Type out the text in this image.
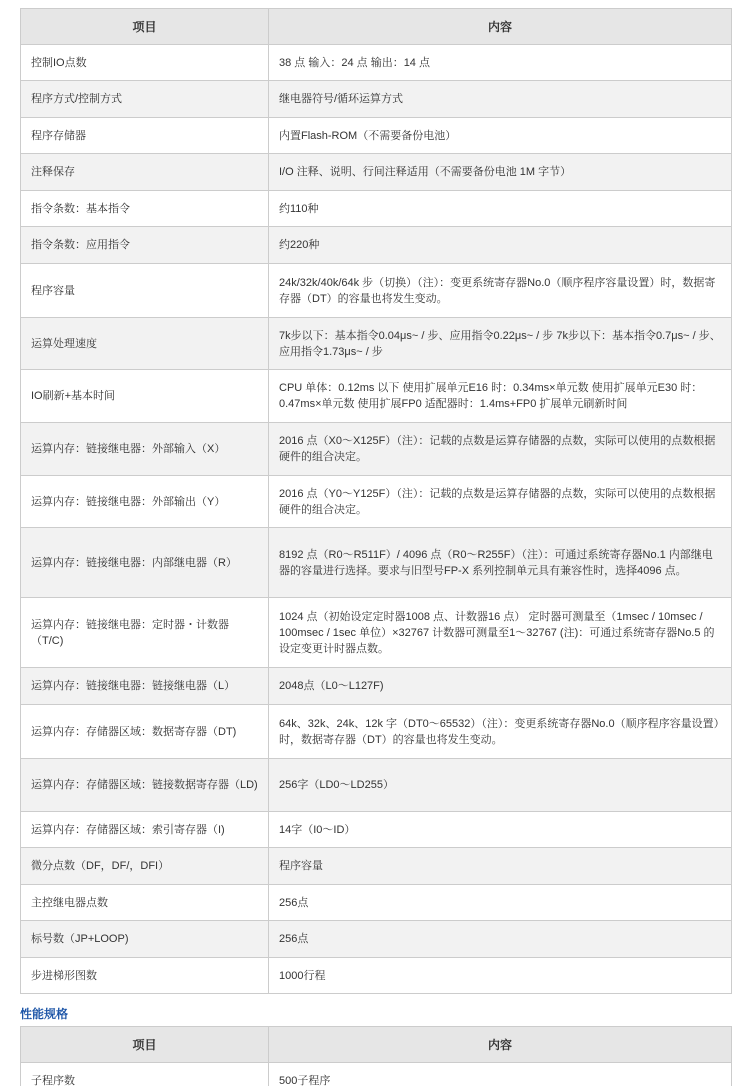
项目	内容
控制IO点数	38 点 输入：24 点 输出：14 点
程序方式/控制方式	继电器符号/循环运算方式
程序存储器	内置Flash-ROM（不需要备份电池）
注释保存	I/O 注释、说明、行间注释适用（不需要备份电池 1M 字节）
指令条数：基本指令	约110种
指令条数：应用指令	约220种
程序容量	24k/32k/40k/64k 步（切换）（注）：变更系统寄存器No.0（顺序程序容量设置）时，数据寄存器（DT）的容量也将发生变动。
运算处理速度	7k步以下：基本指令0.04μs~ / 步、应用指令0.22μs~ / 步 7k步以下：基本指令0.7μs~ / 步、应用指令1.73μs~ / 步
IO刷新+基本时间	CPU 单体：0.12ms 以下 使用扩展单元E16 时：0.34ms×单元数 使用扩展单元E30 时：0.47ms×单元数 使用扩展FP0 适配器时：1.4ms+FP0 扩展单元刷新时间
运算内存：链接继电器：外部输入（X）	2016 点（X0～X125F）（注）：记载的点数是运算存储器的点数，实际可以使用的点数根据硬件的组合决定。
运算内存：链接继电器：外部输出（Y）	2016 点（Y0～Y125F）（注）：记载的点数是运算存储器的点数，实际可以使用的点数根据硬件的组合决定。
运算内存：链接继电器：内部继电器（R）	8192 点（R0～R511F）/ 4096 点（R0～R255F）（注）：可通过系统寄存器No.1 内部继电器的容量进行选择。要求与旧型号FP-X 系列控制单元具有兼容性时，选择4096 点。
运算内存：链接继电器：定时器・计数器（T/C)	1024 点（初始设定定时器1008 点、计数器16 点） 定时器可测量至（1msec / 10msec / 100msec / 1sec 单位）×32767 计数器可测量至1～32767 (注)：可通过系统寄存器No.5 的设定变更计时器点数。
运算内存：链接继电器：链接继电器（L）	2048点（L0～L127F)
运算内存：存储器区域：数据寄存器（DT)	64k、32k、24k、12k 字（DT0～65532）（注）：变更系统寄存器No.0（顺序程序容量设置）时，数据寄存器（DT）的容量也将发生变动。
运算内存：存储器区域：链接数据寄存器（LD)	256字（LD0～LD255）
运算内存：存储器区域：索引寄存器（I)	14字（I0～ID）
微分点数（DF，DF/，DFI）	程序容量
主控继电器点数	256点
标号数（JP+LOOP)	256点
步进梯形图数	1000行程
性能规格
项目	内容
子程序数	500子程序
